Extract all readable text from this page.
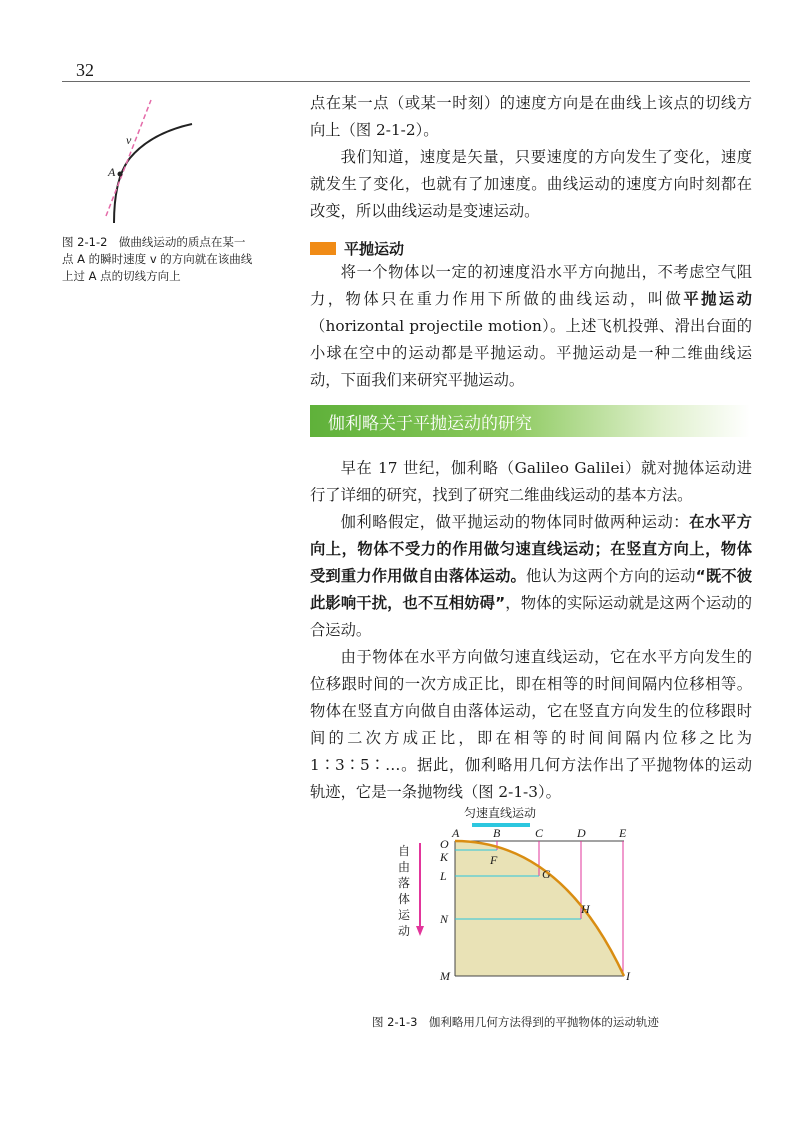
32
A
v
图 2-1-2　做曲线运动的质点在某一
点 A 的瞬时速度 v 的方向就在该曲线
上过 A 点的切线方向上

点在某一点（或某一时刻）的速度方向是在曲线上该点的切线方向上（图 2-1-2）。

我们知道，速度是矢量，只要速度的方向发生了变化，速度就发生了变化，也就有了加速度。曲线运动的速度方向时刻都在改变，所以曲线运动是变速运动。

平抛运动

将一个物体以一定的初速度沿水平方向抛出，不考虑空气阻力，物体只在重力作用下所做的曲线运动，叫做平抛运动（horizontal projectile motion）。上述飞机投弹、滑出台面的小球在空中的运动都是平抛运动。平抛运动是一种二维曲线运动，下面我们来研究平抛运动。

伽利略关于平抛运动的研究

早在 17 世纪，伽利略（Galileo Galilei）就对抛体运动进行了详细的研究，找到了研究二维曲线运动的基本方法。

伽利略假定，做平抛运动的物体同时做两种运动：在水平方向上，物体不受力的作用做匀速直线运动；在竖直方向上，物体受到重力作用做自由落体运动。他认为这两个方向的运动“既不彼此影响干扰，也不互相妨碍”，物体的实际运动就是这两个运动的合运动。

由于物体在水平方向做匀速直线运动，它在水平方向发生的位移跟时间的一次方成正比，即在相等的时间间隔内位移相等。物体在竖直方向做自由落体运动，它在竖直方向发生的位移跟时间的二次方成正比，即在相等的时间间隔内位移之比为 1∶3∶5∶…。据此，伽利略用几何方法作出了平抛物体的运动轨迹，它是一条抛物线（图 2-1-3）。

匀速直线运动
自
由
落
体
运
动
A	B	C	D	E
O
K
L
N
M
F
G
H
I
图 2-1-3　伽利略用几何方法得到的平抛物体的运动轨迹
